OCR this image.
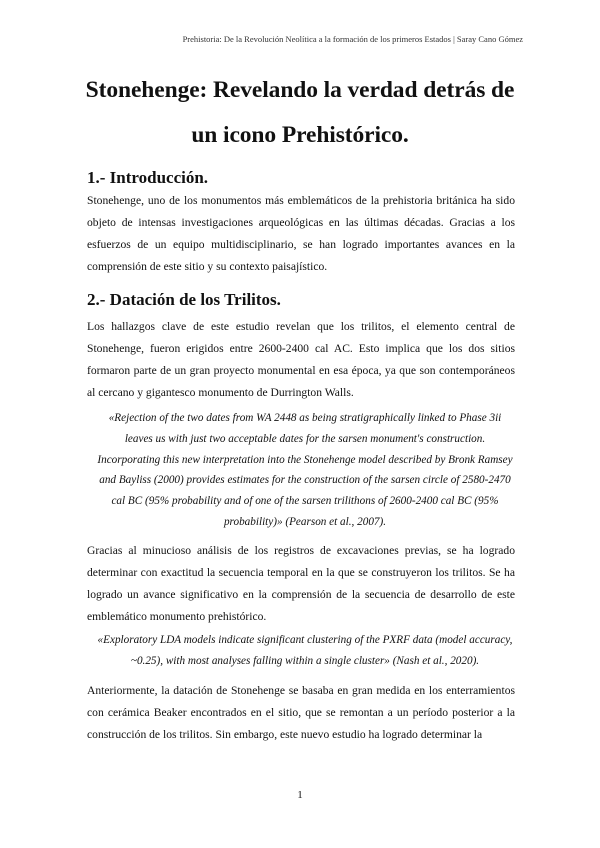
Prehistoria: De la Revolución Neolítica a la formación de los primeros Estados | Saray Cano Gómez
Stonehenge: Revelando la verdad detrás de un icono Prehistórico.
1.- Introducción.

Stonehenge, uno de los monumentos más emblemáticos de la prehistoria británica ha sido objeto de intensas investigaciones arqueológicas en las últimas décadas. Gracias a los esfuerzos de un equipo multidisciplinario, se han logrado importantes avances en la comprensión de este sitio y su contexto paisajístico.

2.- Datación de los Trilitos.

Los hallazgos clave de este estudio revelan que los trilitos, el elemento central de Stonehenge, fueron erigidos entre 2600-2400 cal AC. Esto implica que los dos sitios formaron parte de un gran proyecto monumental en esa época, ya que son contemporáneos al cercano y gigantesco monumento de Durrington Walls.

«Rejection of the two dates from WA 2448 as being stratigraphically linked to Phase 3ii leaves us with just two acceptable dates for the sarsen monument's construction. Incorporating this new interpretation into the Stonehenge model described by Bronk Ramsey and Bayliss (2000) provides estimates for the construction of the sarsen circle of 2580-2470 cal BC (95% probability and of one of the sarsen trilithons of 2600-2400 cal BC (95% probability)» (Pearson et al., 2007).

Gracias al minucioso análisis de los registros de excavaciones previas, se ha logrado determinar con exactitud la secuencia temporal en la que se construyeron los trilitos. Se ha logrado un avance significativo en la comprensión de la secuencia de desarrollo de este emblemático monumento prehistórico.

«Exploratory LDA models indicate significant clustering of the PXRF data (model accuracy, ~0.25), with most analyses falling within a single cluster» (Nash et al., 2020).

Anteriormente, la datación de Stonehenge se basaba en gran medida en los enterramientos con cerámica Beaker encontrados en el sitio, que se remontan a un período posterior a la construcción de los trilitos. Sin embargo, este nuevo estudio ha logrado determinar la

1
